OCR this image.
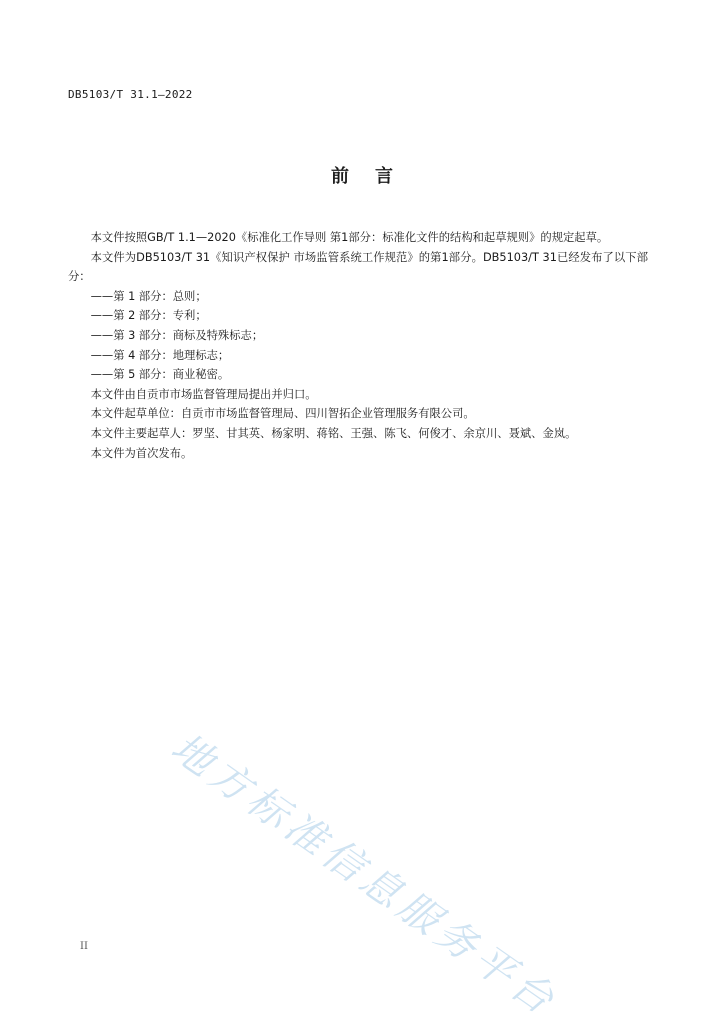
DB5103/T 31.1—2022
前言

本文件按照GB/T 1.1—2020《标准化工作导则 第1部分：标准化文件的结构和起草规则》的规定起草。

本文件为DB5103/T 31《知识产权保护 市场监管系统工作规范》的第1部分。DB5103/T 31已经发布了以下部分：

——第 1 部分：总则；

——第 2 部分：专利；

——第 3 部分：商标及特殊标志；

——第 4 部分：地理标志；

——第 5 部分：商业秘密。

本文件由自贡市市场监督管理局提出并归口。

本文件起草单位：自贡市市场监督管理局、四川智拓企业管理服务有限公司。

本文件主要起草人：罗坚、甘其英、杨家明、蒋铭、王强、陈飞、何俊才、余京川、聂斌、金岚。

本文件为首次发布。

地方标准信息服务平台
II
